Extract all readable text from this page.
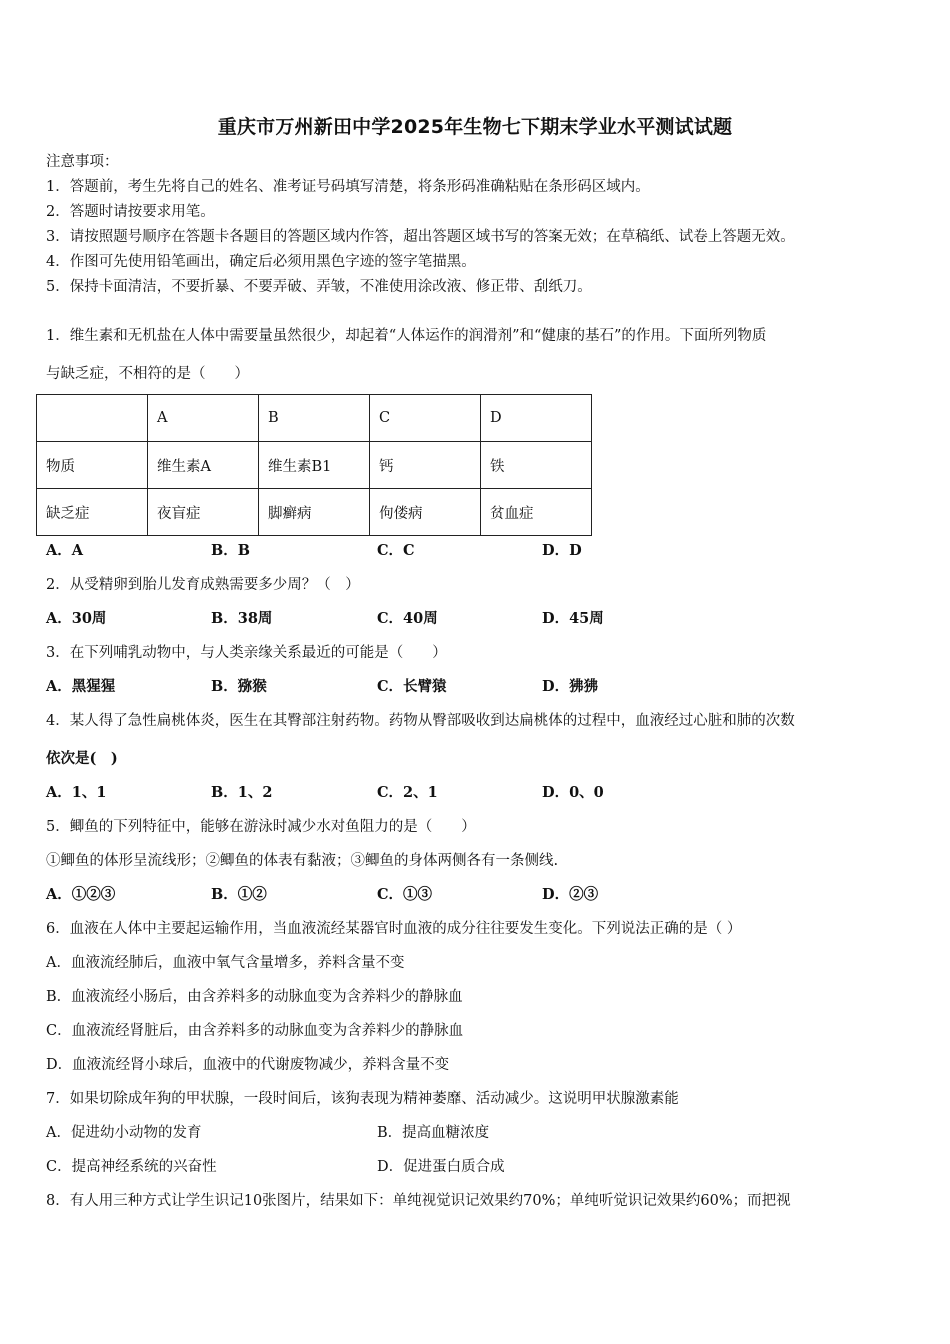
重庆市万州新田中学2025年生物七下期末学业水平测试试题
注意事项：
1．答题前，考生先将自己的姓名、准考证号码填写清楚，将条形码准确粘贴在条形码区域内。
2．答题时请按要求用笔。
3．请按照题号顺序在答题卡各题目的答题区域内作答，超出答题区域书写的答案无效；在草稿纸、试卷上答题无效。
4．作图可先使用铅笔画出，确定后必须用黑色字迹的签字笔描黑。
5．保持卡面清洁，不要折暴、不要弄破、弄皱，不准使用涂改液、修正带、刮纸刀。
1．维生素和无机盐在人体中需要量虽然很少，却起着“人体运作的润滑剂”和“健康的基石”的作用。下面所列物质
与缺乏症，不相符的是（　　）
	A	B	C	D
物质	维生素A	维生素B1	钙	铁
缺乏症	夜盲症	脚癣病	佝偻病	贫血症
A．A	B．B	C．C	D．D
2．从受精卵到胎儿发育成熟需要多少周？（　）
A．30周	B．38周	C．40周	D．45周
3．在下列哺乳动物中，与人类亲缘关系最近的可能是（　　）
A．黑猩猩	B．猕猴	C．长臂猿	D．狒狒
4．某人得了急性扁桃体炎，医生在其臀部注射药物。药物从臀部吸收到达扁桃体的过程中，血液经过心脏和肺的次数
依次是(　)
A．1、1	B．1、2	C．2、1	D．0、0
5．鲫鱼的下列特征中，能够在游泳时减少水对鱼阻力的是（　　）
①鲫鱼的体形呈流线形；②鲫鱼的体表有黏液；③鲫鱼的身体两侧各有一条侧线.
A．①②③	B．①②	C．①③	D．②③
6．血液在人体中主要起运输作用，当血液流经某器官时血液的成分往往要发生变化。下列说法正确的是（ ）
A．血液流经肺后，血液中氧气含量增多，养料含量不变
B．血液流经小肠后，由含养料多的动脉血变为含养料少的静脉血
C．血液流经肾脏后，由含养料多的动脉血变为含养料少的静脉血
D．血液流经肾小球后，血液中的代谢废物减少，养料含量不变
7．如果切除成年狗的甲状腺，一段时间后，该狗表现为精神萎靡、活动减少。这说明甲状腺激素能
A．促进幼小动物的发育	B．提高血糖浓度
C．提高神经系统的兴奋性	D．促进蛋白质合成
8．有人用三种方式让学生识记10张图片，结果如下：单纯视觉识记效果约70%；单纯听觉识记效果约60%；而把视
